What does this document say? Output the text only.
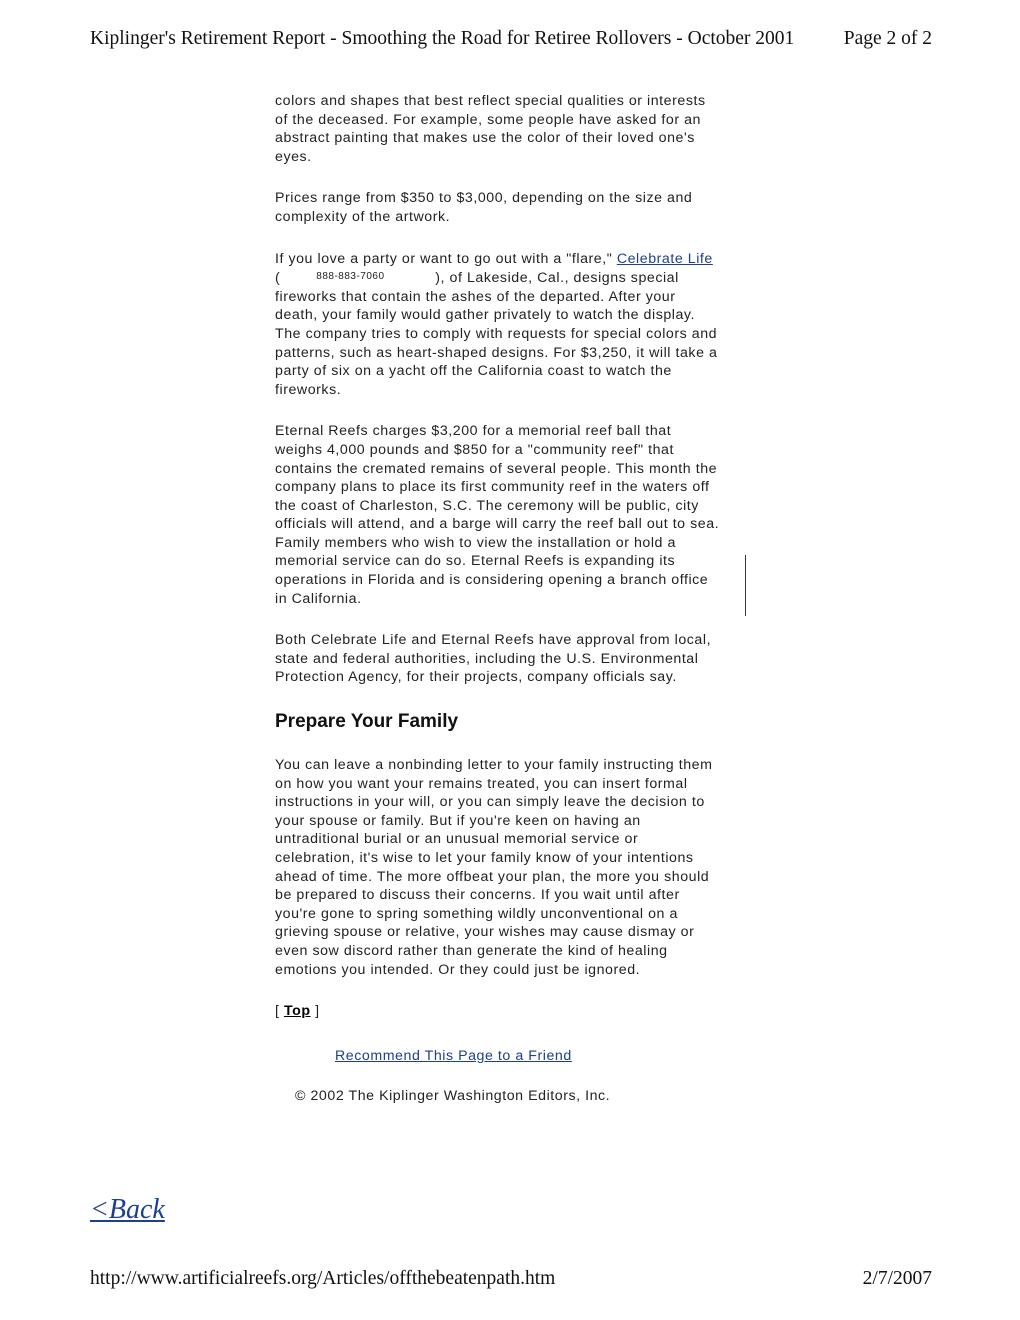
Kiplinger's Retirement Report - Smoothing the Road for Retiree Rollovers - October 2001	Page 2 of 2

colors and shapes that best reflect special qualities or interests of the deceased. For example, some people have asked for an abstract painting that makes use the color of their loved one's eyes.

Prices range from $350 to $3,000, depending on the size and complexity of the artwork.

If you love a party or want to go out with a "flare," Celebrate Life (	888-883-7060	), of Lakeside, Cal., designs special fireworks that contain the ashes of the departed. After your death, your family would gather privately to watch the display. The company tries to comply with requests for special colors and patterns, such as heart-shaped designs. For $3,250, it will take a party of six on a yacht off the California coast to watch the fireworks.

Eternal Reefs charges $3,200 for a memorial reef ball that weighs 4,000 pounds and $850 for a "community reef" that contains the cremated remains of several people. This month the company plans to place its first community reef in the waters off the coast of Charleston, S.C. The ceremony will be public, city officials will attend, and a barge will carry the reef ball out to sea. Family members who wish to view the installation or hold a memorial service can do so. Eternal Reefs is expanding its operations in Florida and is considering opening a branch office in California.

Both Celebrate Life and Eternal Reefs have approval from local, state and federal authorities, including the U.S. Environmental Protection Agency, for their projects, company officials say.

Prepare Your Family

You can leave a nonbinding letter to your family instructing them on how you want your remains treated, you can insert formal instructions in your will, or you can simply leave the decision to your spouse or family. But if you're keen on having an untraditional burial or an unusual memorial service or celebration, it's wise to let your family know of your intentions ahead of time. The more offbeat your plan, the more you should be prepared to discuss their concerns. If you wait until after you're gone to spring something wildly unconventional on a grieving spouse or relative, your wishes may cause dismay or even sow discord rather than generate the kind of healing emotions you intended. Or they could just be ignored.

[ Top ]
Recommend This Page to a Friend
© 2002 The Kiplinger Washington Editors, Inc.
<Back
http://www.artificialreefs.org/Articles/offthebeatenpath.htm	2/7/2007
